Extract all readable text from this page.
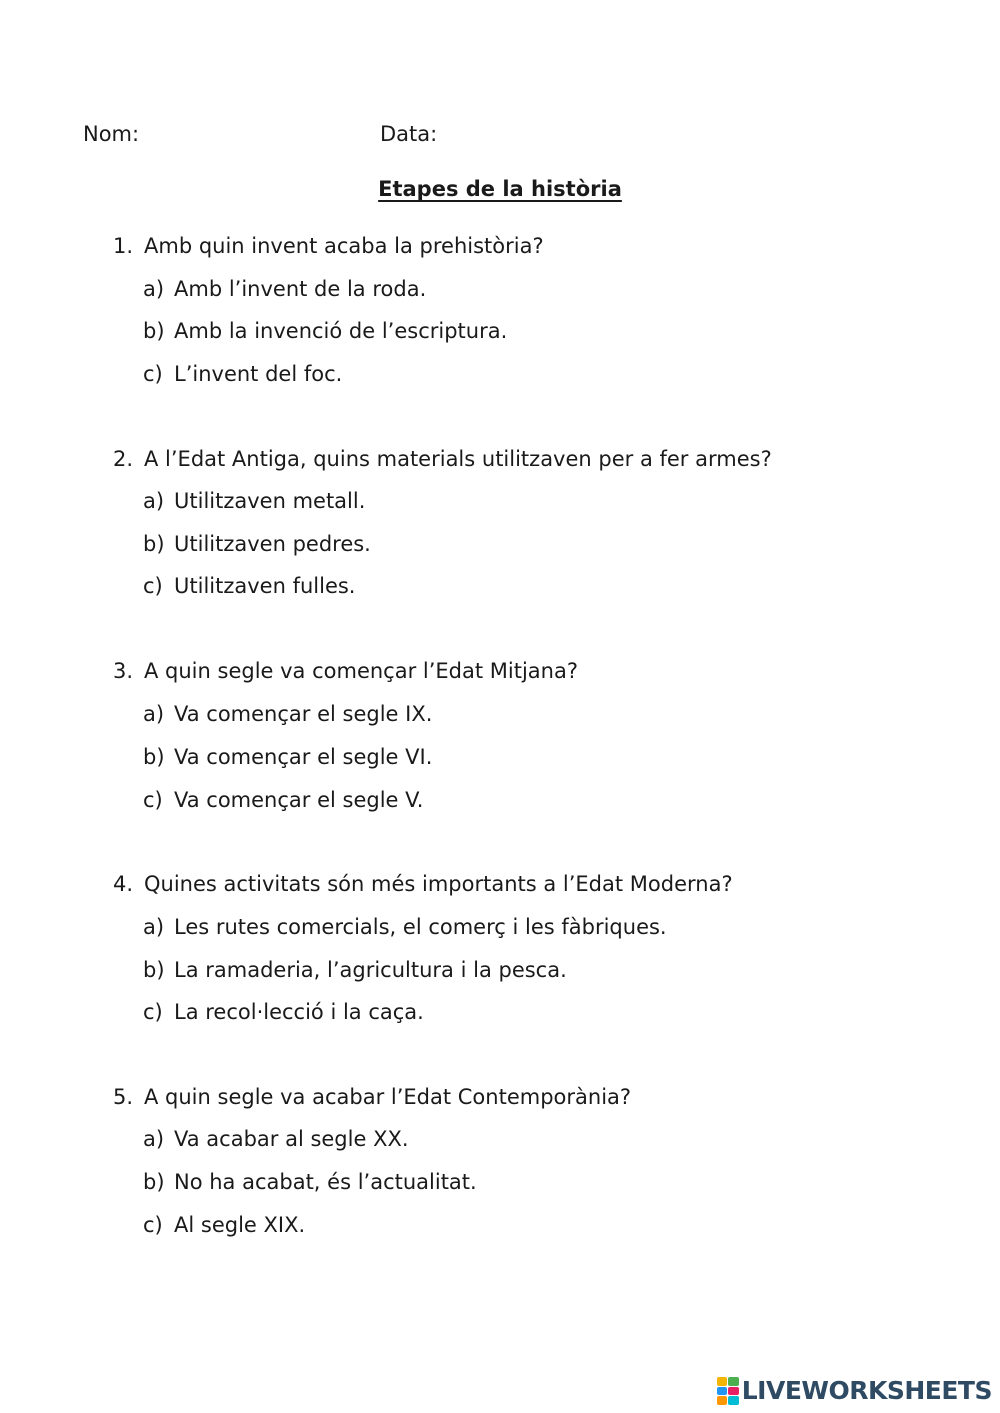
Nom:	Data:
Etapes de la història
1. Amb quin invent acaba la prehistòria?
a) Amb l’invent de la roda.
b) Amb la invenció de l’escriptura.
c) L’invent del foc.
2. A l’Edat Antiga, quins materials utilitzaven per a fer armes?
a) Utilitzaven metall.
b) Utilitzaven pedres.
c) Utilitzaven fulles.
3. A quin segle va començar l’Edat Mitjana?
a) Va començar el segle IX.
b) Va començar el segle VI.
c) Va començar el segle V.
4. Quines activitats són més importants a l’Edat Moderna?
a) Les rutes comercials, el comerç i les fàbriques.
b) La ramaderia, l’agricultura i la pesca.
c) La recol·lecció i la caça.
5. A quin segle va acabar l’Edat Contemporània?
a) Va acabar al segle XX.
b) No ha acabat, és l’actualitat.
c) Al segle XIX.
LIVEWORKSHEETS
